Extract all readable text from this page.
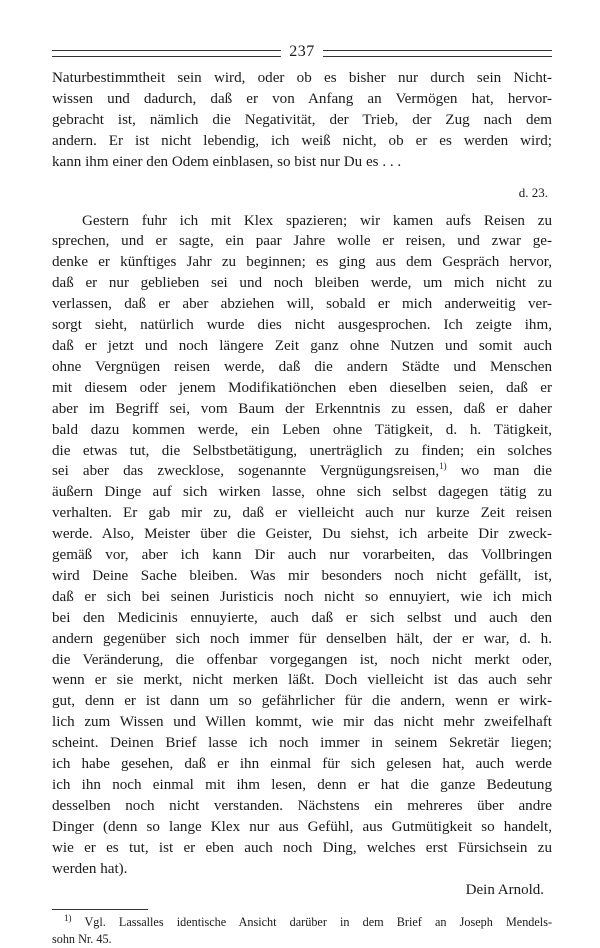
237
Naturbestimmtheit sein wird, oder ob es bisher nur durch sein Nicht-
wissen und dadurch, daß er von Anfang an Vermögen hat, hervor-
gebracht ist, nämlich die Negativität, der Trieb, der Zug nach dem
andern. Er ist nicht lebendig, ich weiß nicht, ob er es werden wird;
kann ihm einer den Odem einblasen, so bist nur Du es . . .
d. 23.
Gestern fuhr ich mit Klex spazieren; wir kamen aufs Reisen zu
sprechen, und er sagte, ein paar Jahre wolle er reisen, und zwar ge-
denke er künftiges Jahr zu beginnen; es ging aus dem Gespräch hervor,
daß er nur geblieben sei und noch bleiben werde, um mich nicht zu
verlassen, daß er aber abziehen will, sobald er mich anderweitig ver-
sorgt sieht, natürlich wurde dies nicht ausgesprochen. Ich zeigte ihm,
daß er jetzt und noch längere Zeit ganz ohne Nutzen und somit auch
ohne Vergnügen reisen werde, daß die andern Städte und Menschen
mit diesem oder jenem Modifikatiönchen eben dieselben seien, daß er
aber im Begriff sei, vom Baum der Erkenntnis zu essen, daß er daher
bald dazu kommen werde, ein Leben ohne Tätigkeit, d. h. Tätigkeit,
die etwas tut, die Selbstbetätigung, unerträglich zu finden; ein solches
sei aber das zwecklose, sogenannte Vergnügungsreisen,$^{1)}$ wo man die
äußern Dinge auf sich wirken lasse, ohne sich selbst dagegen tätig zu
verhalten. Er gab mir zu, daß er vielleicht auch nur kurze Zeit reisen
werde. Also, Meister über die Geister, Du siehst, ich arbeite Dir zweck-
gemäß vor, aber ich kann Dir auch nur vorarbeiten, das Vollbringen
wird Deine Sache bleiben. Was mir besonders noch nicht gefällt, ist,
daß er sich bei seinen Juristicis noch nicht so ennuyiert, wie ich mich
bei den Medicinis ennuyierte, auch daß er sich selbst und auch den
andern gegenüber sich noch immer für denselben hält, der er war, d. h.
die Veränderung, die offenbar vorgegangen ist, noch nicht merkt oder,
wenn er sie merkt, nicht merken läßt. Doch vielleicht ist das auch sehr
gut, denn er ist dann um so gefährlicher für die andern, wenn er wirk-
lich zum Wissen und Willen kommt, wie mir das nicht mehr zweifelhaft
scheint. Deinen Brief lasse ich noch immer in seinem Sekretär liegen;
ich habe gesehen, daß er ihn einmal für sich gelesen hat, auch werde
ich ihn noch einmal mit ihm lesen, denn er hat die ganze Bedeutung
desselben noch nicht verstanden. Nächstens ein mehreres über andre
Dinger (denn so lange Klex nur aus Gefühl, aus Gutmütigkeit so handelt,
wie er es tut, ist er eben auch noch Ding, welches erst Fürsichsein zu
werden hat).
Dein Arnold.
$^{1)}$ Vgl. Lassalles identische Ansicht darüber in dem Brief an Joseph Mendels-
sohn Nr. 45.
